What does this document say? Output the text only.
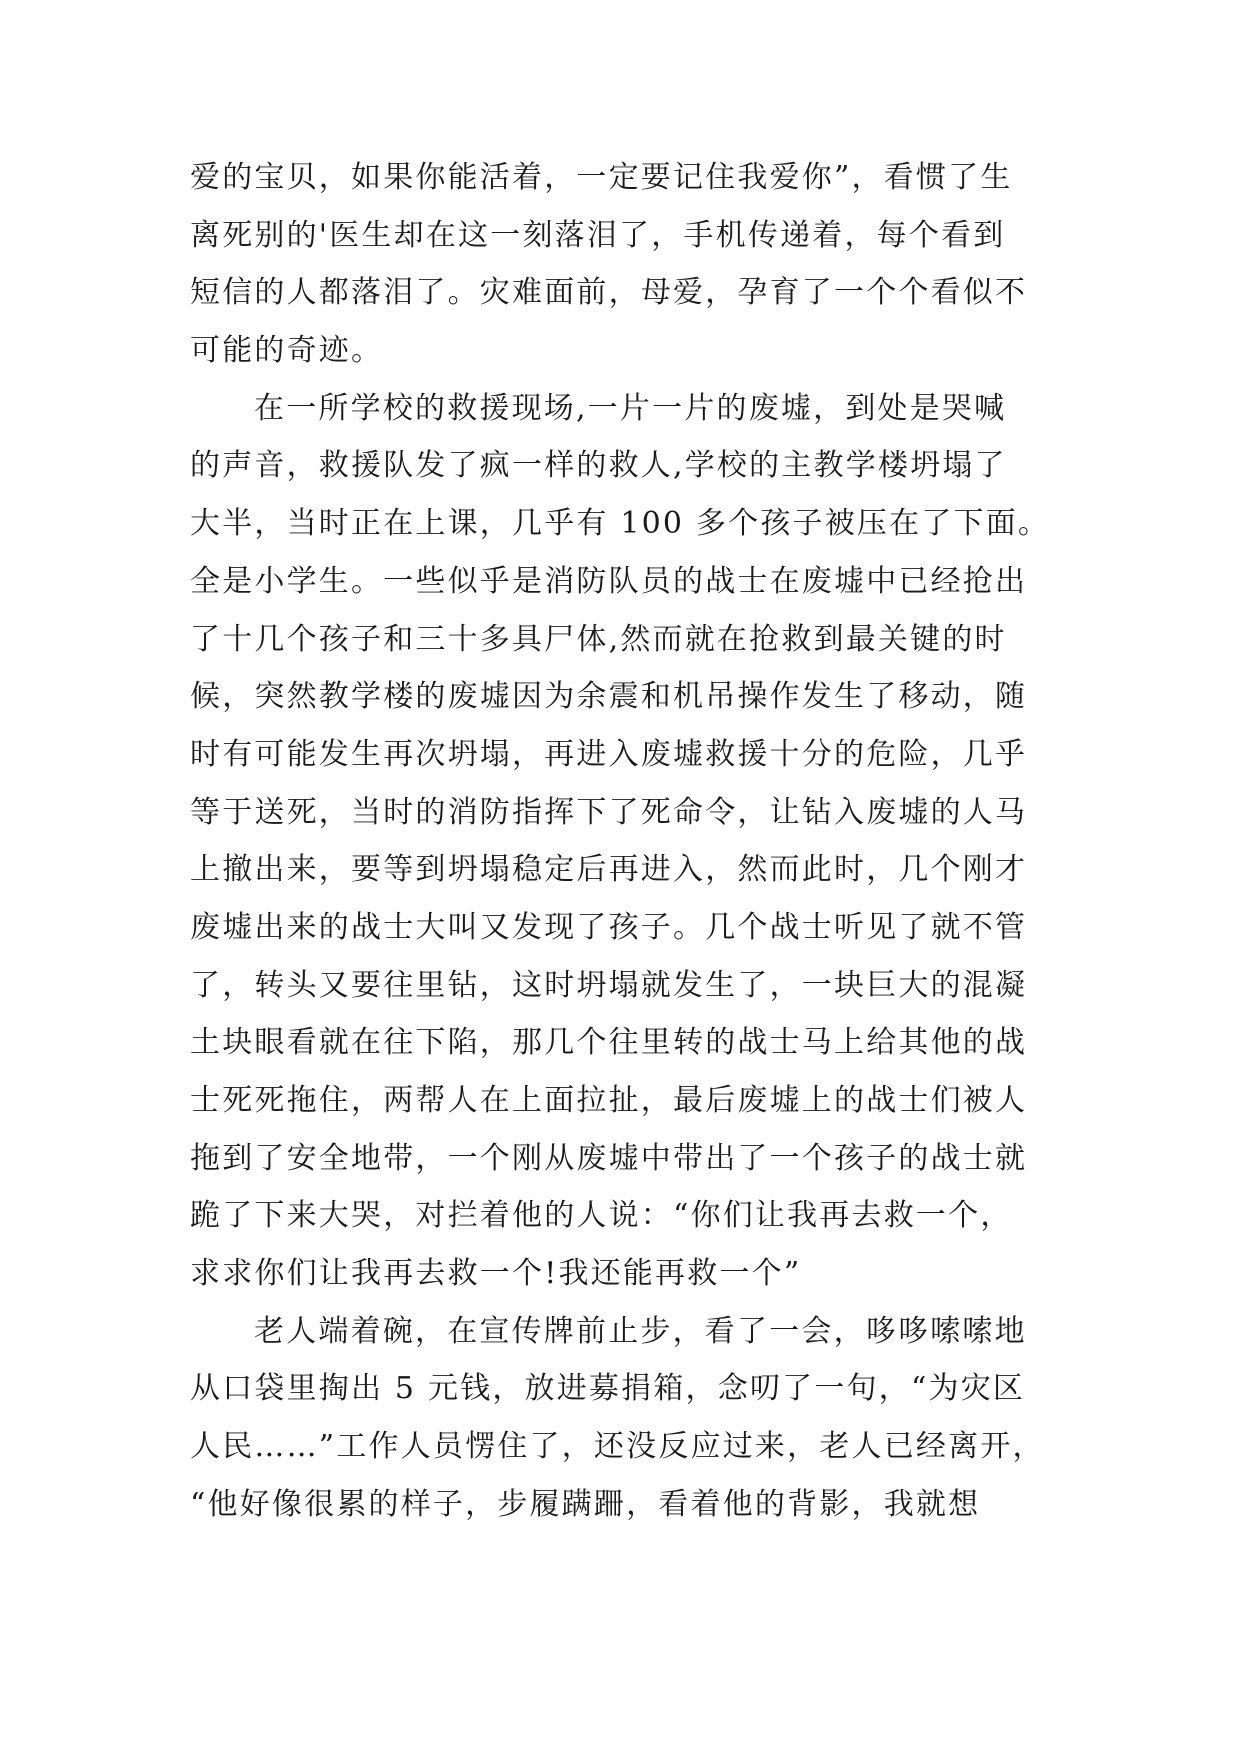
爱的宝贝，如果你能活着，一定要记住我爱你”，看惯了生
离死别的'医生却在这一刻落泪了，手机传递着，每个看到
短信的人都落泪了。灾难面前，母爱，孕育了一个个看似不
可能的奇迹。
在一所学校的救援现场,一片一片的废墟，到处是哭喊
的声音，救援队发了疯一样的救人,学校的主教学楼坍塌了
大半，当时正在上课，几乎有 100 多个孩子被压在了下面。
全是小学生。一些似乎是消防队员的战士在废墟中已经抢出
了十几个孩子和三十多具尸体,然而就在抢救到最关键的时
候，突然教学楼的废墟因为余震和机吊操作发生了移动，随
时有可能发生再次坍塌，再进入废墟救援十分的危险，几乎
等于送死，当时的消防指挥下了死命令，让钻入废墟的人马
上撤出来，要等到坍塌稳定后再进入，然而此时，几个刚才
废墟出来的战士大叫又发现了孩子。几个战士听见了就不管
了，转头又要往里钻，这时坍塌就发生了，一块巨大的混凝
土块眼看就在往下陷，那几个往里转的战士马上给其他的战
士死死拖住，两帮人在上面拉扯，最后废墟上的战士们被人
拖到了安全地带，一个刚从废墟中带出了一个孩子的战士就
跪了下来大哭，对拦着他的人说：“你们让我再去救一个，
求求你们让我再去救一个!我还能再救一个”
老人端着碗，在宣传牌前止步，看了一会，哆哆嗦嗦地
从口袋里掏出 5 元钱，放进募捐箱，念叨了一句，“为灾区
人民……”工作人员愣住了，还没反应过来，老人已经离开，
“他好像很累的样子，步履蹒跚，看着他的背影，我就想
